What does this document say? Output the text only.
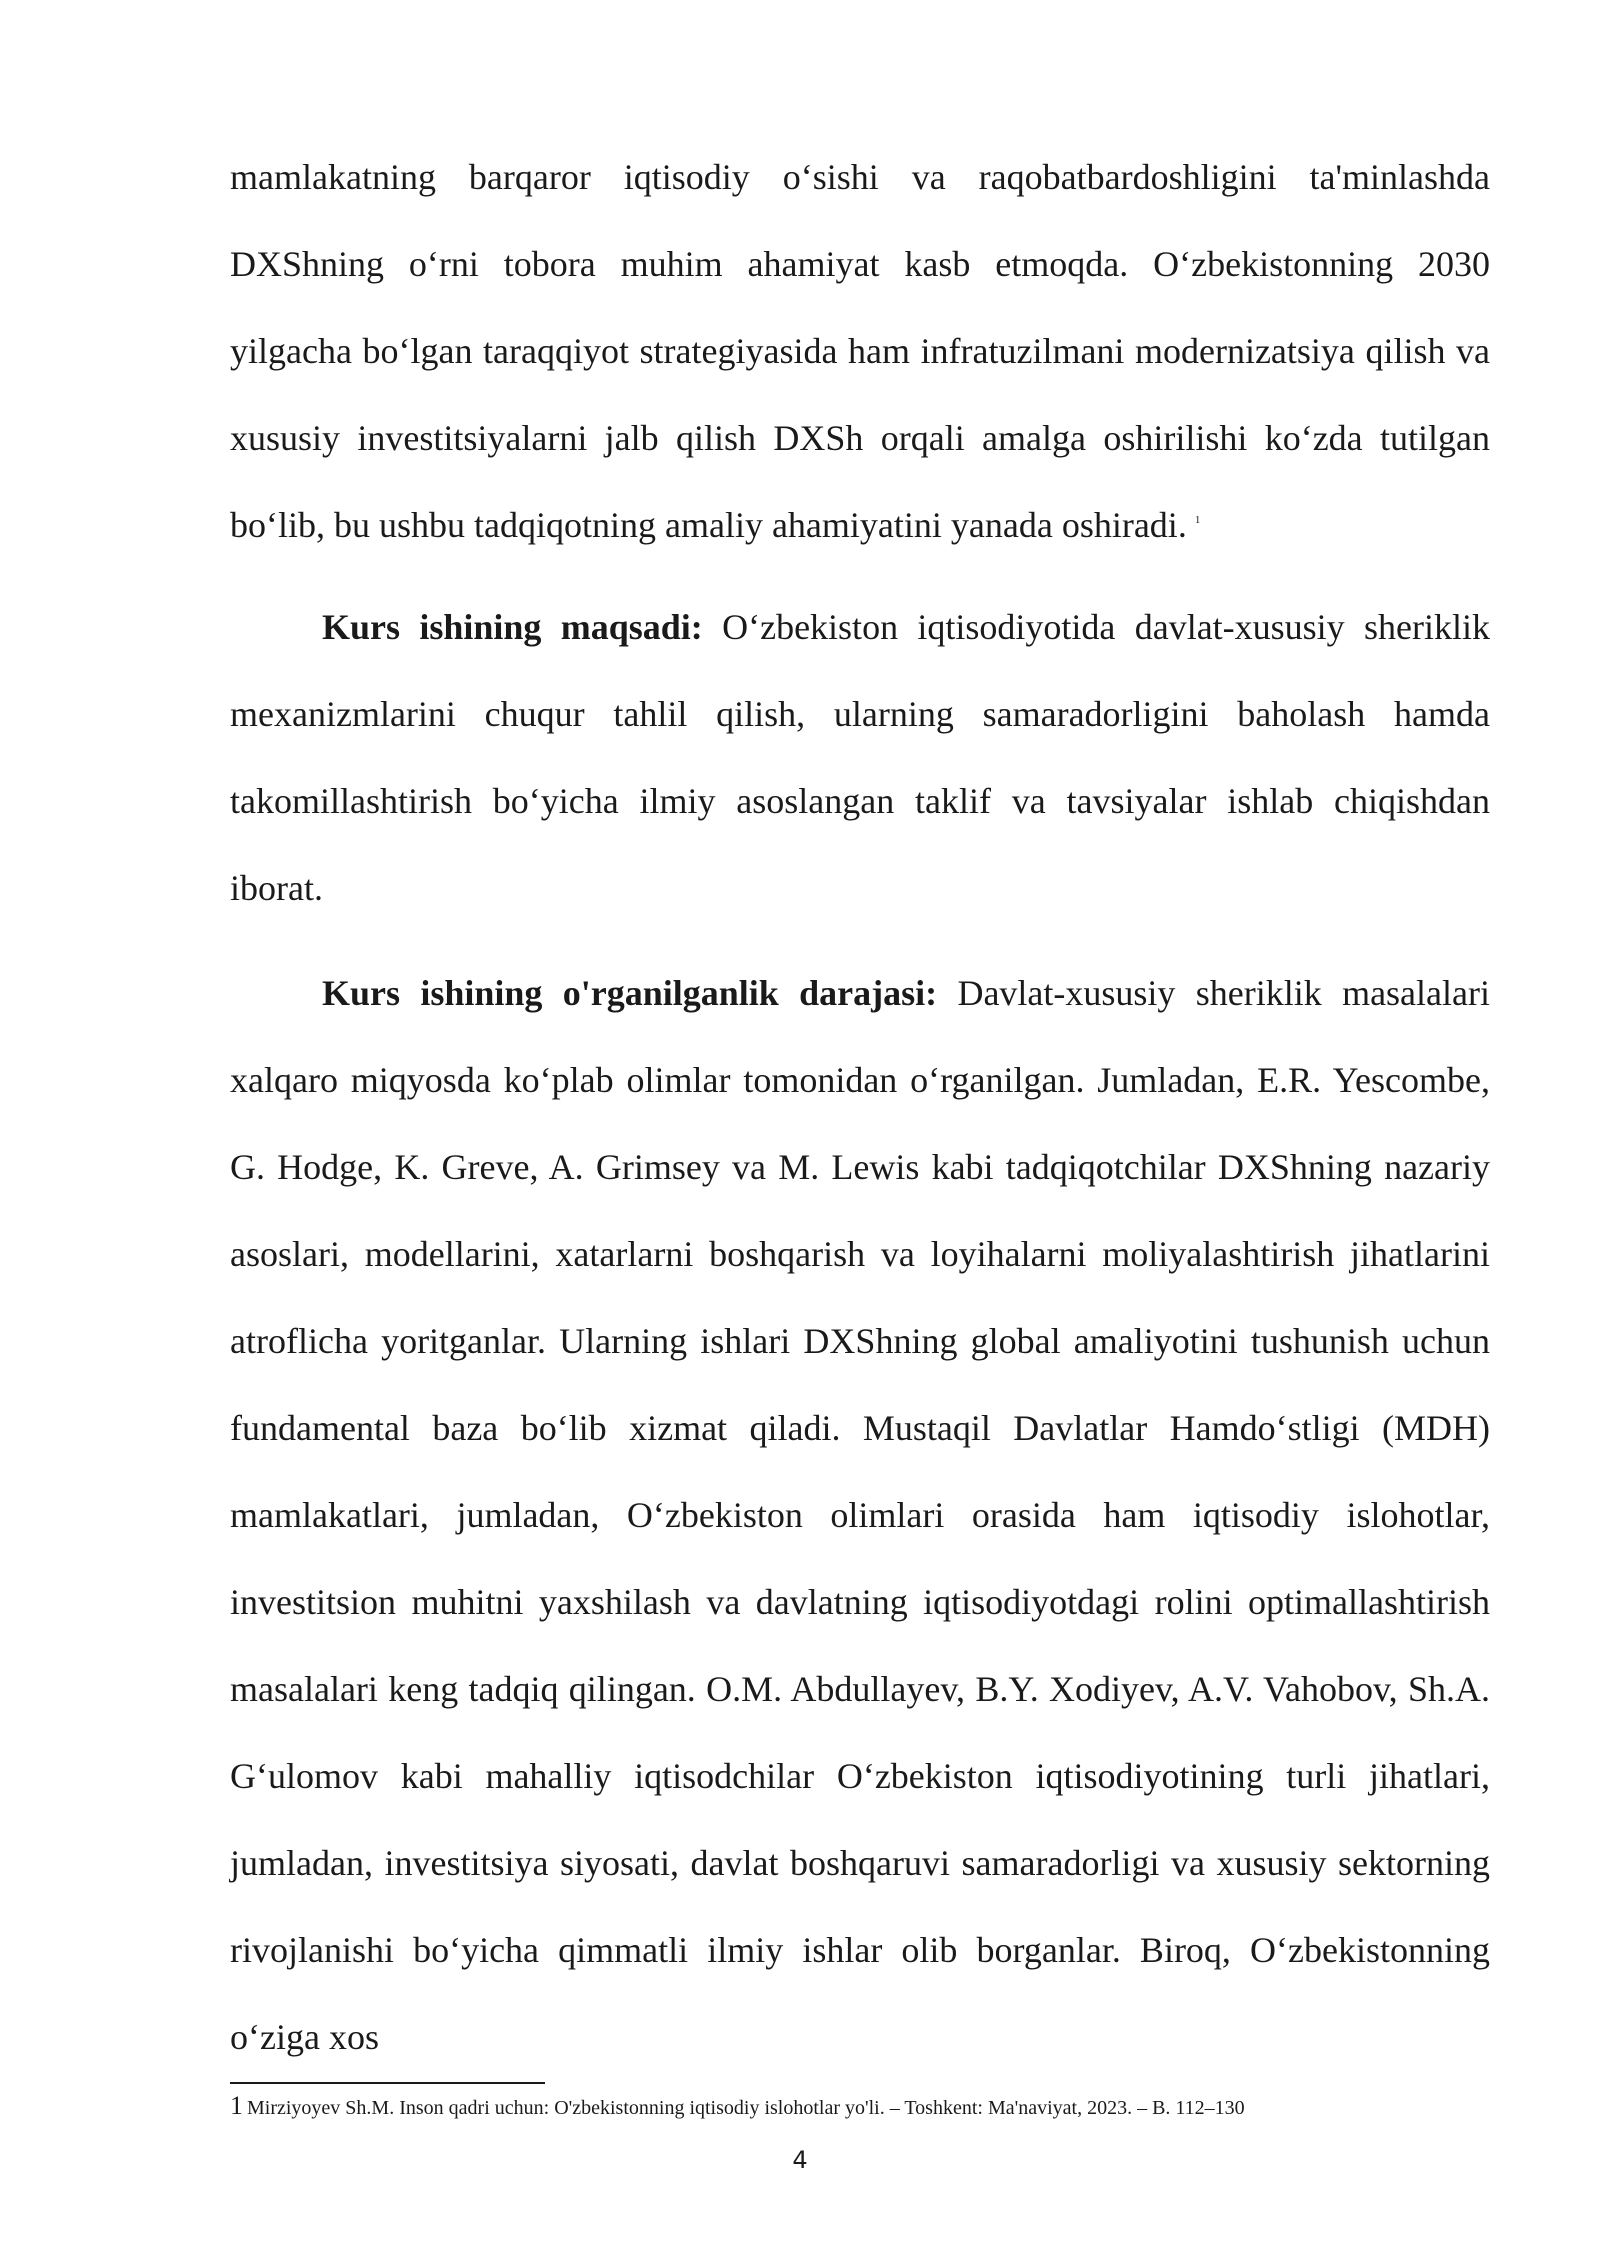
mamlakatning barqaror iqtisodiy o‘sishi va raqobatbardoshligini ta'minlashda DXShning o‘rni tobora muhim ahamiyat kasb etmoqda. O‘zbekistonning 2030 yilgacha bo‘lgan taraqqiyot strategiyasida ham infratuzilmani modernizatsiya qilish va xususiy investitsiyalarni jalb qilish DXSh orqali amalga oshirilishi ko‘zda tutilgan bo‘lib, bu ushbu tadqiqotning amaliy ahamiyatini yanada oshiradi. $^1$

Kurs ishining maqsadi: O‘zbekiston iqtisodiyotida davlat-xususiy sheriklik mexanizmlarini chuqur tahlil qilish, ularning samaradorligini baholash hamda takomillashtirish bo‘yicha ilmiy asoslangan taklif va tavsiyalar ishlab chiqishdan iborat.

Kurs ishining o'rganilganlik darajasi: Davlat-xususiy sheriklik masalalari xalqaro miqyosda ko‘plab olimlar tomonidan o‘rganilgan. Jumladan, E.R. Yescombe, G. Hodge, K. Greve, A. Grimsey va M. Lewis kabi tadqiqotchilar DXShning nazariy asoslari, modellarini, xatarlarni boshqarish va loyihalarni moliyalashtirish jihatlarini atroflicha yoritganlar. Ularning ishlari DXShning global amaliyotini tushunish uchun fundamental baza bo‘lib xizmat qiladi. Mustaqil Davlatlar Hamdo‘stligi (MDH) mamlakatlari, jumladan, O‘zbekiston olimlari orasida ham iqtisodiy islohotlar, investitsion muhitni yaxshilash va davlatning iqtisodiyotdagi rolini optimallashtirish masalalari keng tadqiq qilingan. O.M. Abdullayev, B.Y. Xodiyev, A.V. Vahobov, Sh.A. G‘ulomov kabi mahalliy iqtisodchilar O‘zbekiston iqtisodiyotining turli jihatlari, jumladan, investitsiya siyosati, davlat boshqaruvi samaradorligi va xususiy sektorning rivojlanishi bo‘yicha qimmatli ilmiy ishlar olib borganlar. Biroq, O‘zbekistonning o‘ziga xos

1 Mirziyoyev Sh.M. Inson qadri uchun: O'zbekistonning iqtisodiy islohotlar yo'li. – Toshkent: Ma'naviyat, 2023. – B. 112–130
4
